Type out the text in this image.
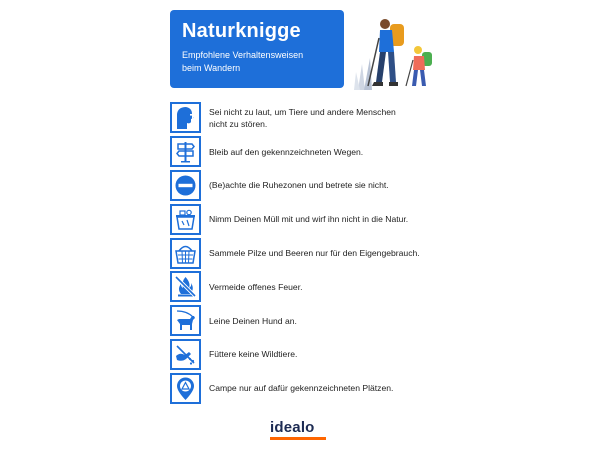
Naturknigge

Empfohlene Verhaltensweisen
beim Wandern

Sei nicht zu laut, um Tiere und andere Menschen
nicht zu stören.
Bleib auf den gekennzeichneten Wegen.
(Be)achte die Ruhezonen und betrete sie nicht.
Nimm Deinen Müll mit und wirf ihn nicht in die Natur.
Sammele Pilze und Beeren nur für den Eigengebrauch.
Vermeide offenes Feuer.
Leine Deinen Hund an.
Füttere keine Wildtiere.
Campe nur auf dafür gekennzeichneten Plätzen.
idealo
